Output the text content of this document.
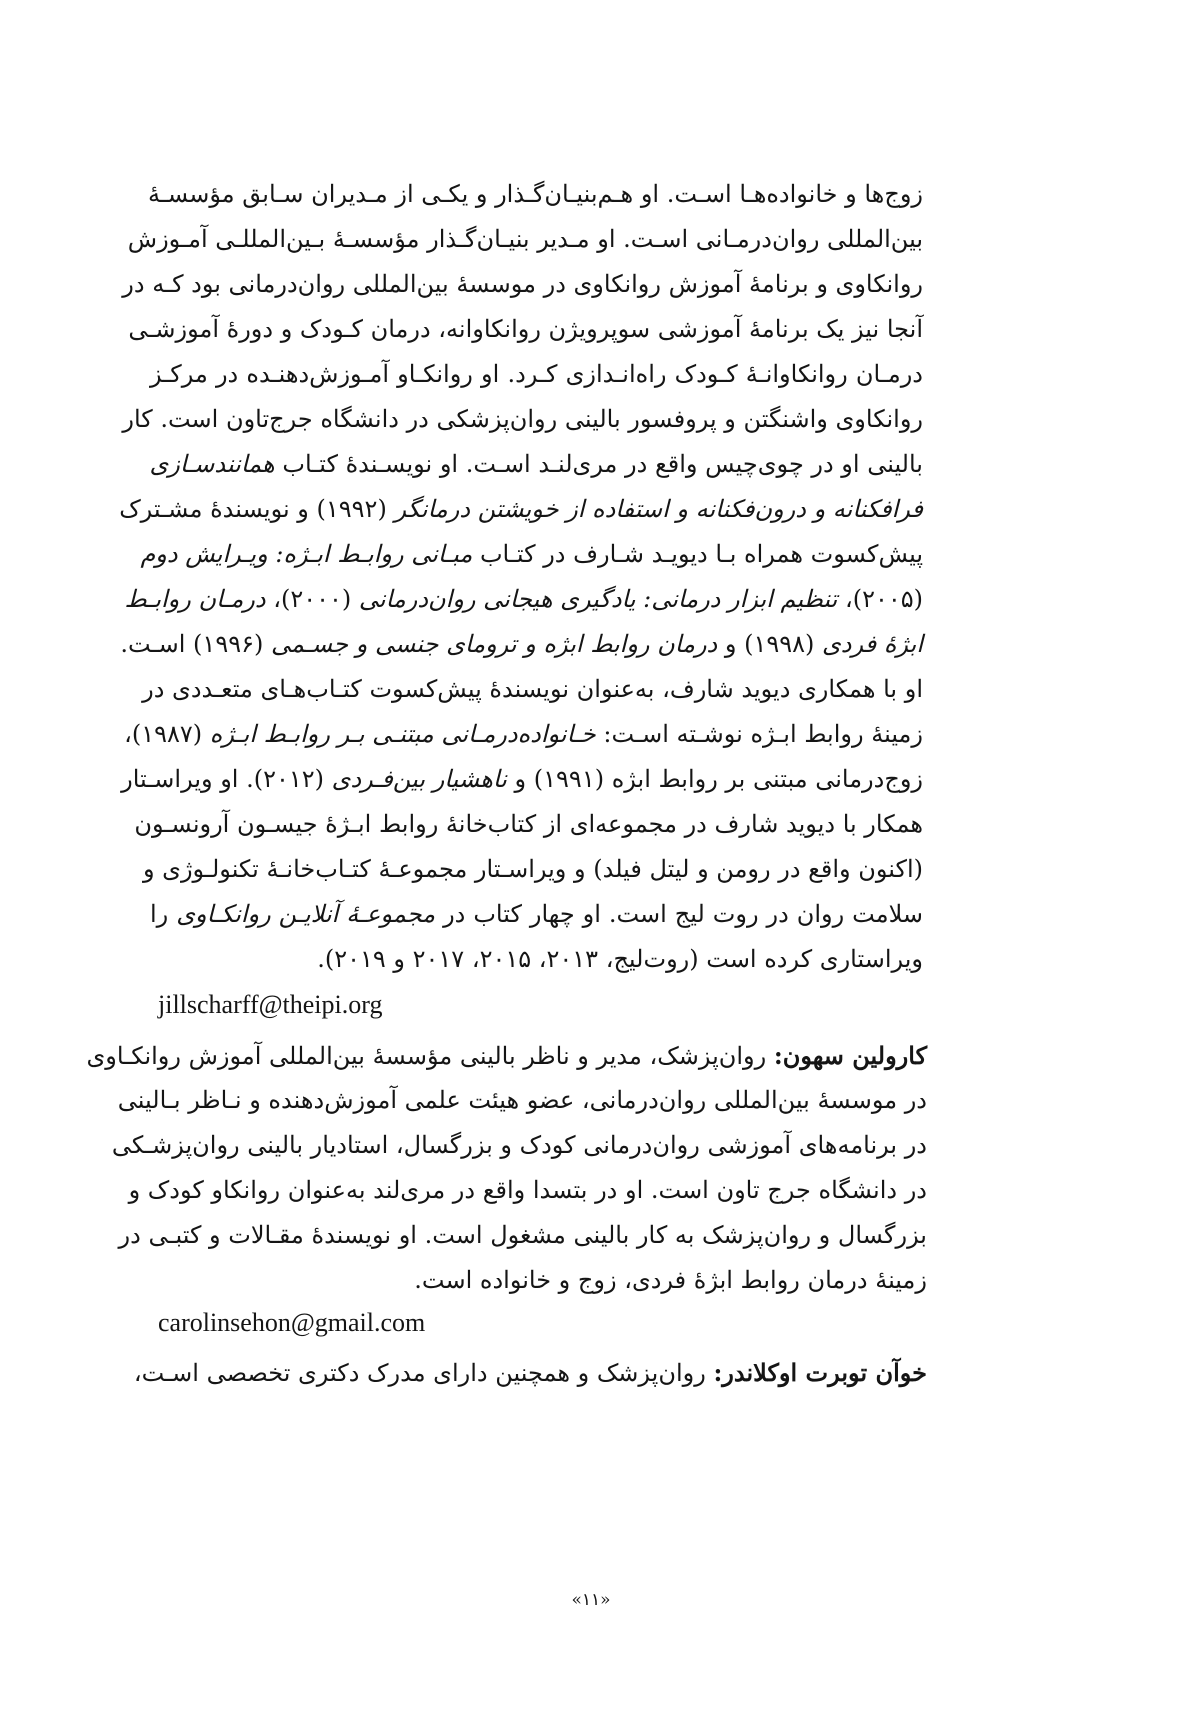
زوج‌ها و خانواده‌هـا اسـت. او هـم‌بنیـان‌گـذار و یکـی از مـدیران سـابق مؤسسـهٔ
بین‌المللی روان‌درمـانی اسـت. او مـدیر بنیـان‌گـذار مؤسسـهٔ بـین‌المللـی آمـوزش
روانکاوی و برنامهٔ آموزش روانکاوی در موسسهٔ بین‌المللی روان‌درمانی بود کـه در
آنجا نیز یک برنامهٔ آموزشی سوپرویژن روانکاوانه، درمان کـودک و دورهٔ آموزشـی
درمـان روانکاوانـهٔ کـودک راه‌انـدازی کـرد. او روانکـاو آمـوزش‌دهنـده در مرکـز
روانکاوی واشنگتن و پروفسور بالینی روان‌پزشکی در دانشگاه جرج‌تاون است. کار
بالینی او در چوی‌چیس واقع در مری‌لنـد اسـت. او نویسـندهٔ کتـاب همانندسـازی
فرافکنانه و درون‌فکنانه و استفاده از خویشتن درمانگر (۱۹۹۲) و نویسندهٔ مشـترک
پیش‌کسوت همراه بـا دیویـد شـارف در کتـاب مبـانی روابـط ابـژه: ویـرایش دوم
(۲۰۰۵)، تنظیم ابزار درمانی: یادگیری هیجانی روان‌درمانی (۲۰۰۰)، درمـان روابـط
ابژهٔ فردی (۱۹۹۸) و درمان روابط ابژه و ترومای جنسی و جسـمی (۱۹۹۶) اسـت.
او با همکاری دیوید شارف، به‌عنوان نویسندهٔ پیش‌کسوت کتـاب‌هـای متعـددی در
زمینهٔ روابط ابـژه نوشـته اسـت: خـانواده‌درمـانی مبتنـی بـر روابـط ابـژه (۱۹۸۷)،
زوج‌درمانی مبتنی بر روابط ابژه (۱۹۹۱) و ناهشیار بین‌فـردی (۲۰۱۲). او ویراسـتار
همکار با دیوید شارف در مجموعه‌ای از کتاب‌خانهٔ روابط ابـژهٔ جیسـون آرونسـون
(اکنون واقع در رومن و لیتل فیلد) و ویراسـتار مجموعـهٔ کتـاب‌خانـهٔ تکنولـوژی و
سلامت روان در روت لیج است. او چهار کتاب در مجموعـهٔ آنلایـن روانکـاوی را
ویراستاری کرده است (روت‌لیج، ۲۰۱۳، ۲۰۱۵، ۲۰۱۷ و ۲۰۱۹).
jillscharff@theipi.org
کارولین سهون: روان‌پزشک، مدیر و ناظر بالینی مؤسسهٔ بین‌المللی آموزش روانکـاوی
در موسسهٔ بین‌المللی روان‌درمانی، عضو هیئت علمی آموزش‌دهنده و نـاظر بـالینی
در برنامه‌های آموزشی روان‌درمانی کودک و بزرگسال، استادیار بالینی روان‌پزشـکی
در دانشگاه جرج تاون است. او در بتسدا واقع در مری‌لند به‌عنوان روانکاو کودک و
بزرگسال و روان‌پزشک به کار بالینی مشغول است. او نویسندهٔ مقـالات و کتبـی در
زمینهٔ درمان روابط ابژهٔ فردی، زوج و خانواده است.
carolinsehon@gmail.com
خوآن توبرت اوکلاندر: روان‌پزشک و همچنین دارای مدرک دکتری تخصصی اسـت،
«۱۱»
